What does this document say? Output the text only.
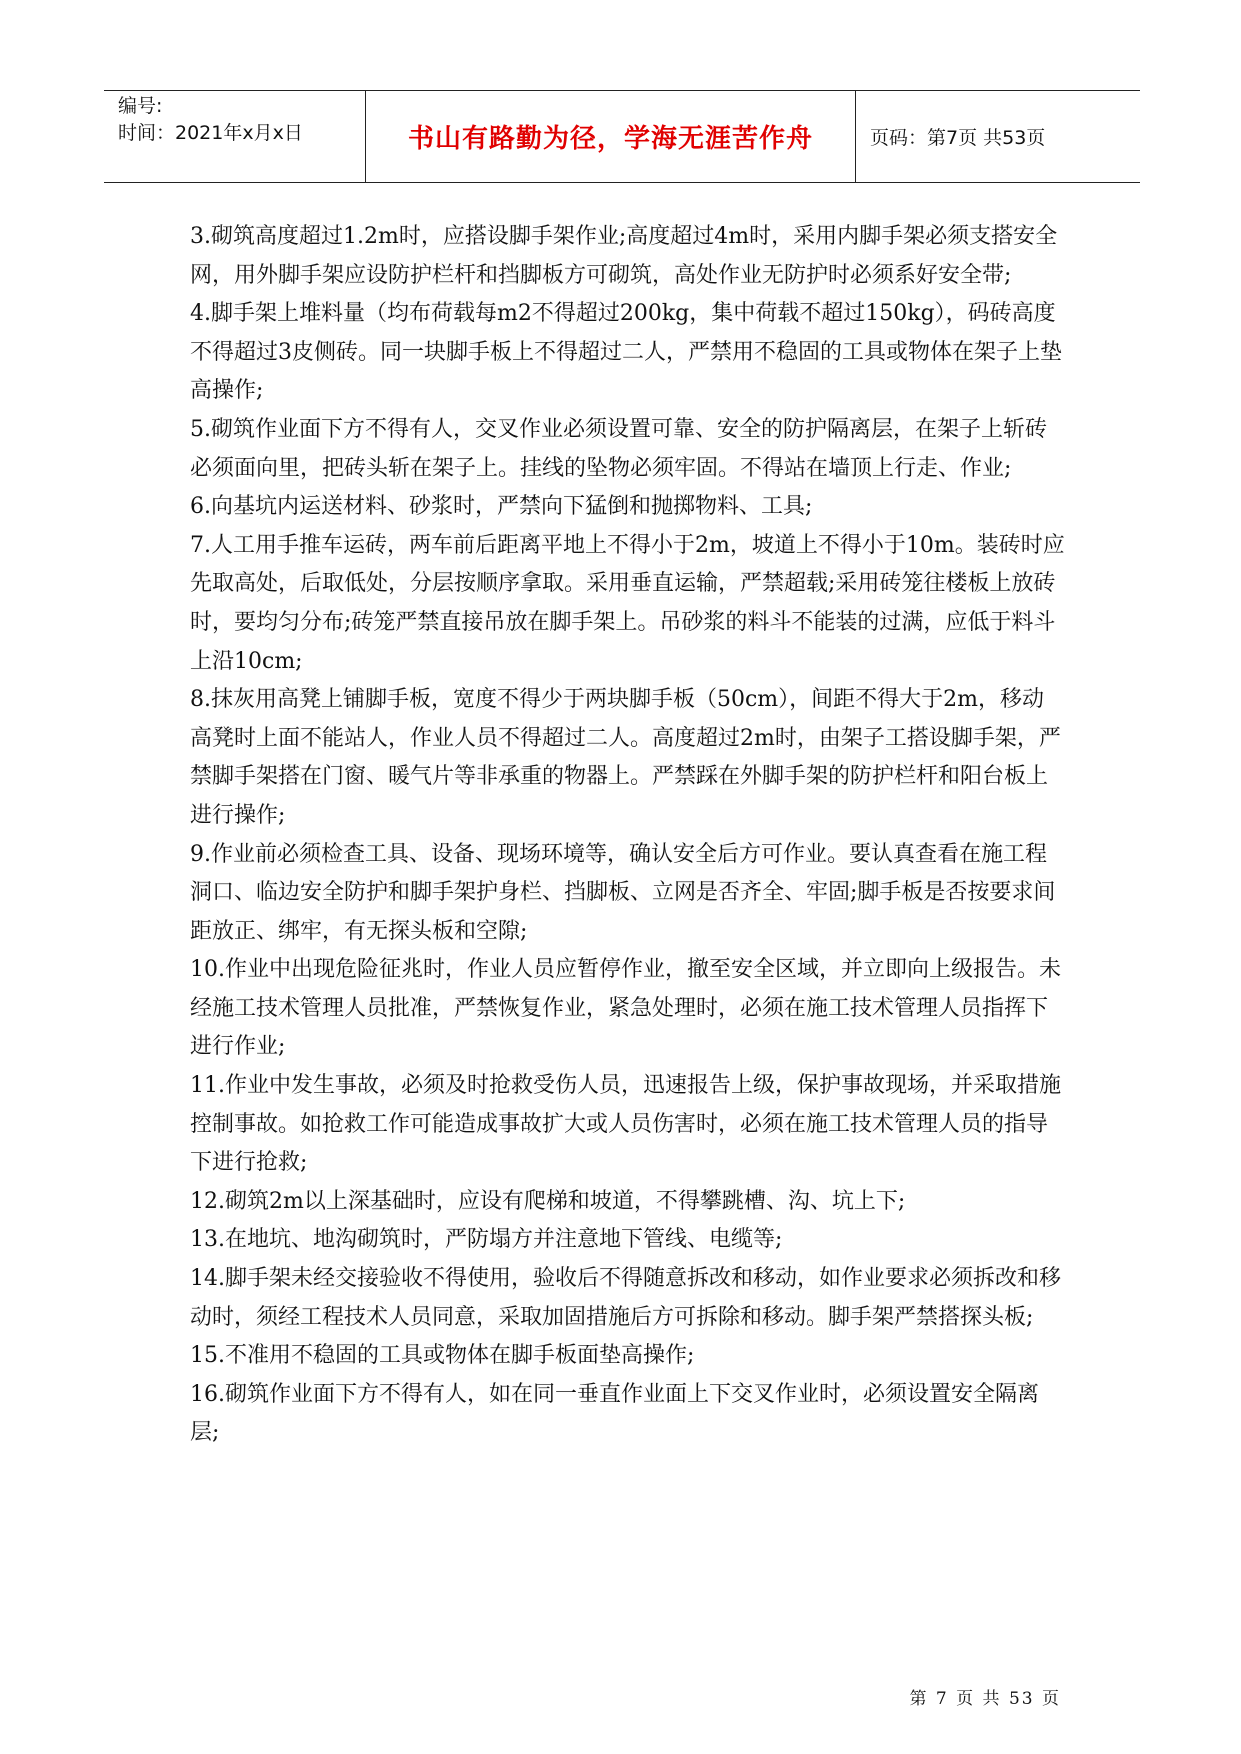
编号:
时间：2021年x月x日	书山有路勤为径，学海无涯苦作舟	页码：第7页 共53页

3.砌筑高度超过1.2m时，应搭设脚手架作业;高度超过4m时，采用内脚手架必须支搭安全网，用外脚手架应设防护栏杆和挡脚板方可砌筑，高处作业无防护时必须系好安全带;

4.脚手架上堆料量（均布荷载每m2不得超过200kg，集中荷载不超过150kg），码砖高度不得超过3皮侧砖。同一块脚手板上不得超过二人，严禁用不稳固的工具或物体在架子上垫高操作;

5.砌筑作业面下方不得有人，交叉作业必须设置可靠、安全的防护隔离层，在架子上斩砖必须面向里，把砖头斩在架子上。挂线的坠物必须牢固。不得站在墙顶上行走、作业;

6.向基坑内运送材料、砂浆时，严禁向下猛倒和抛掷物料、工具;

7.人工用手推车运砖，两车前后距离平地上不得小于2m，坡道上不得小于10m。装砖时应先取高处，后取低处，分层按顺序拿取。采用垂直运输，严禁超载;采用砖笼往楼板上放砖时，要均匀分布;砖笼严禁直接吊放在脚手架上。吊砂浆的料斗不能装的过满，应低于料斗上沿10cm;

8.抹灰用高凳上铺脚手板，宽度不得少于两块脚手板（50cm），间距不得大于2m，移动高凳时上面不能站人，作业人员不得超过二人。高度超过2m时，由架子工搭设脚手架，严禁脚手架搭在门窗、暖气片等非承重的物器上。严禁踩在外脚手架的防护栏杆和阳台板上进行操作;

9.作业前必须检查工具、设备、现场环境等，确认安全后方可作业。要认真查看在施工程洞口、临边安全防护和脚手架护身栏、挡脚板、立网是否齐全、牢固;脚手板是否按要求间距放正、绑牢，有无探头板和空隙;

10.作业中出现危险征兆时，作业人员应暂停作业，撤至安全区域，并立即向上级报告。未经施工技术管理人员批准，严禁恢复作业，紧急处理时，必须在施工技术管理人员指挥下进行作业;

11.作业中发生事故，必须及时抢救受伤人员，迅速报告上级，保护事故现场，并采取措施控制事故。如抢救工作可能造成事故扩大或人员伤害时，必须在施工技术管理人员的指导下进行抢救;

12.砌筑2m以上深基础时，应设有爬梯和坡道，不得攀跳槽、沟、坑上下;

13.在地坑、地沟砌筑时，严防塌方并注意地下管线、电缆等;

14.脚手架未经交接验收不得使用，验收后不得随意拆改和移动，如作业要求必须拆改和移动时，须经工程技术人员同意，采取加固措施后方可拆除和移动。脚手架严禁搭探头板;

15.不准用不稳固的工具或物体在脚手板面垫高操作;

16.砌筑作业面下方不得有人，如在同一垂直作业面上下交叉作业时，必须设置安全隔离层;

第 7 页 共 53 页
